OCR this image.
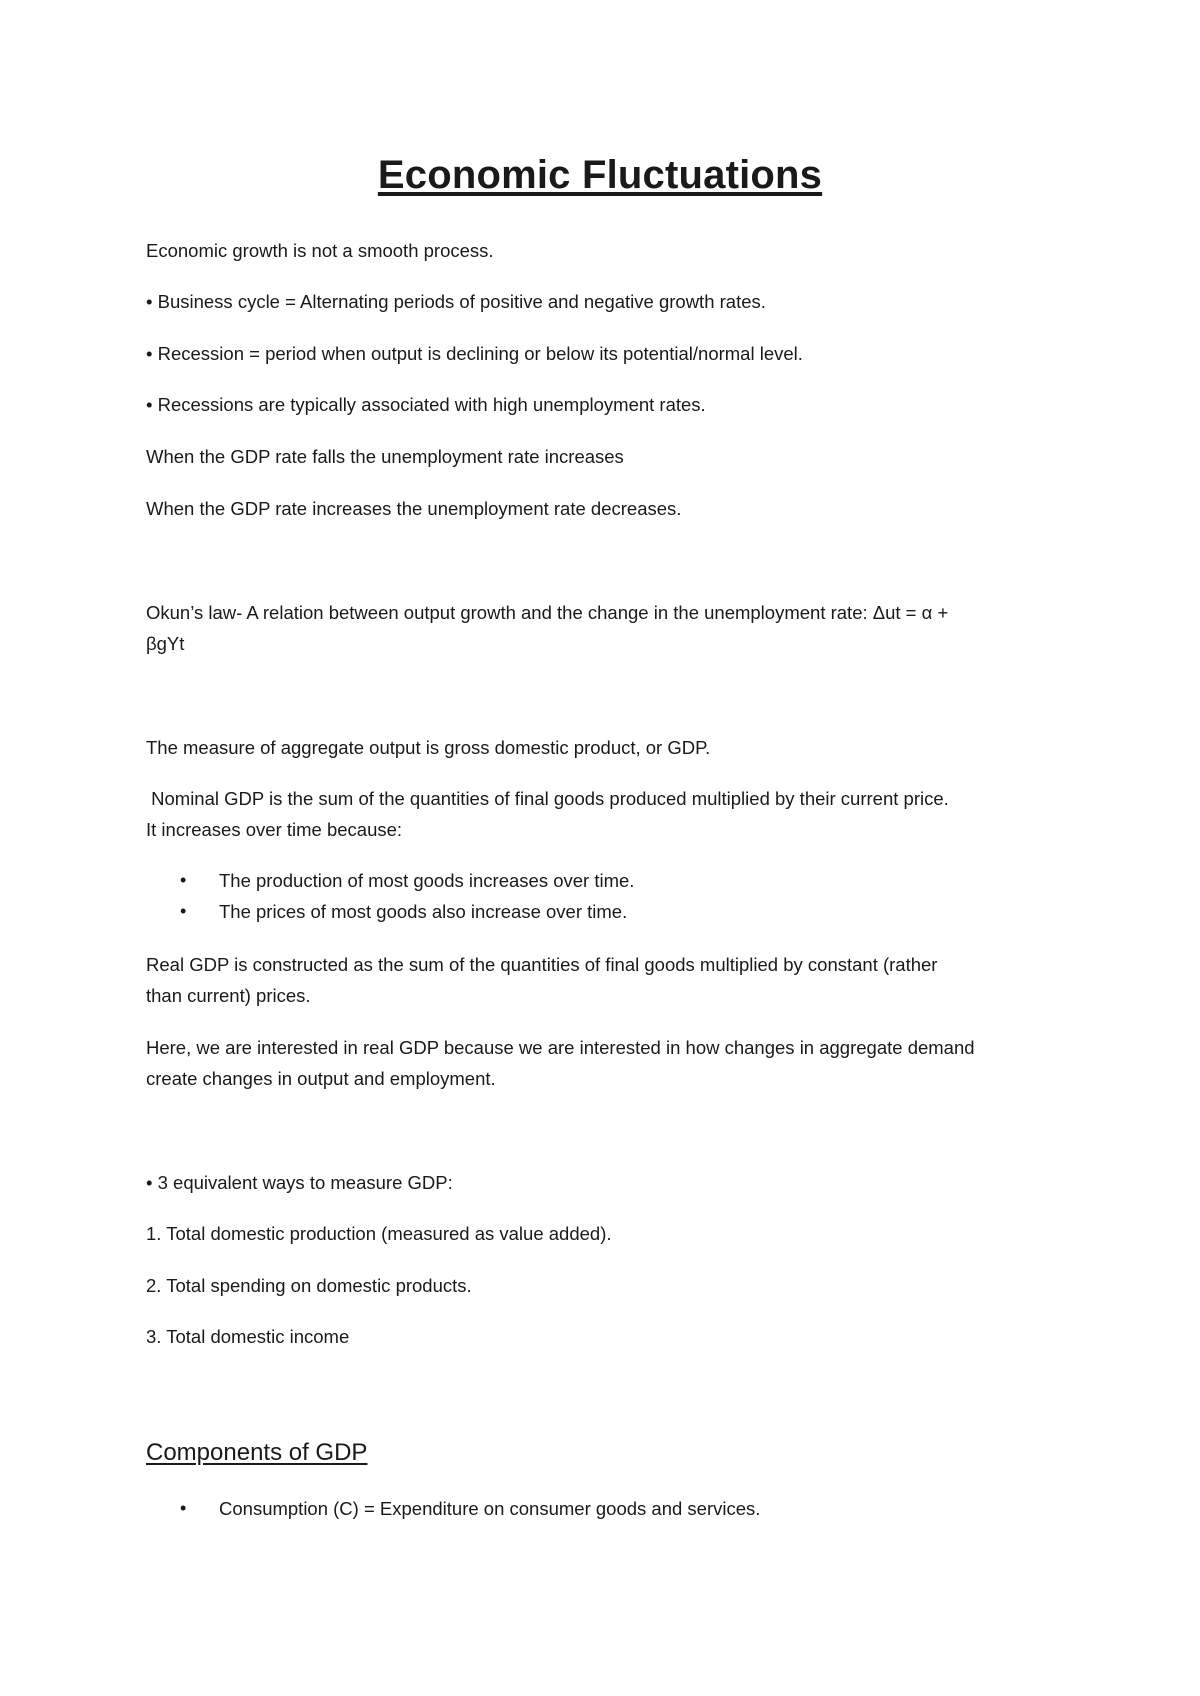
Economic Fluctuations

Economic growth is not a smooth process.

• Business cycle = Alternating periods of positive and negative growth rates.

• Recession = period when output is declining or below its potential/normal level.

• Recessions are typically associated with high unemployment rates.

When the GDP rate falls the unemployment rate increases

When the GDP rate increases the unemployment rate decreases.

Okun’s law- A relation between output growth and the change in the unemployment rate: Δut = α +

βgYt

The measure of aggregate output is gross domestic product, or GDP.

Nominal GDP is the sum of the quantities of final goods produced multiplied by their current price.

It increases over time because:

• The production of most goods increases over time.
• The prices of most goods also increase over time.

Real GDP is constructed as the sum of the quantities of final goods multiplied by constant (rather

than current) prices.

Here, we are interested in real GDP because we are interested in how changes in aggregate demand

create changes in output and employment.

• 3 equivalent ways to measure GDP:

1. Total domestic production (measured as value added).

2. Total spending on domestic products.

3. Total domestic income

Components of GDP
• Consumption (C) = Expenditure on consumer goods and services.
